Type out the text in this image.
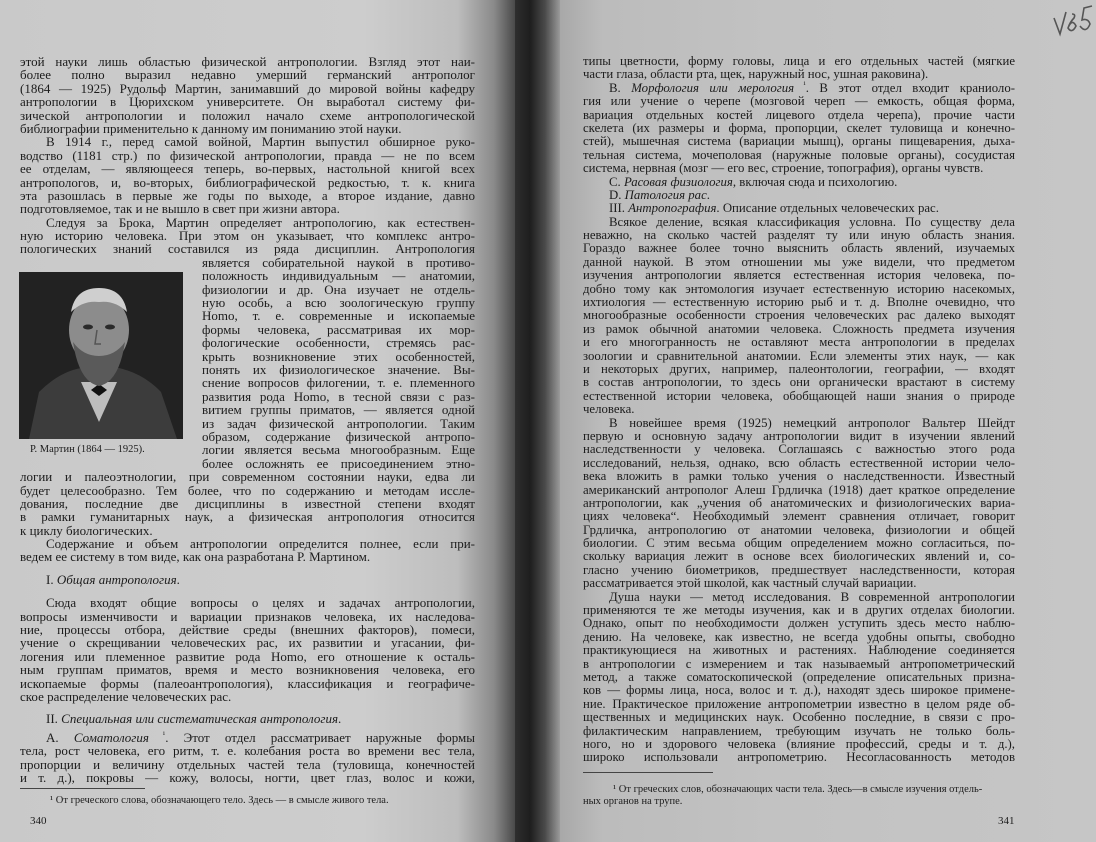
этой науки лишь областью физической антропологии. Взгляд этот наи-
более полно выразил недавно умерший германский антрополог
(1864 — 1925) Рудольф Мартин, занимавший до мировой войны кафедру
антропологии в Цюрихском университете. Он выработал систему фи-
зической антропологии и положил начало схеме антропологической
библиографии применительно к данному им пониманию этой науки.
В 1914 г., перед самой войной, Мартин выпустил обширное руко-
водство (1181 стр.) по физической антропологии, правда — не по всем
ее отделам, — являющееся теперь, во-первых, настольной книгой всех
антропологов, и, во-вторых, библиографической редкостью, т. к. книга
эта разошлась в первые же годы по выходе, а второе издание, давно
подготовляемое, так и не вышло в свет при жизни автора.
Следуя за Брока, Мартин определяет антропологию, как естествен-
ную историю человека. При этом он указывает, что комплекс антро-
пологических знаний составился из ряда дисциплин. Антропология
является собирательной наукой в противо-
положность индивидуальным — анатомии,
физиологии и др. Она изучает не отдель-
ную особь, а всю зоологическую группу
Homo, т. е. современные и ископаемые
формы человека, рассматривая их мор-
фологические особенности, стремясь рас-
крыть возникновение этих особенностей,
понять их физиологическое значение. Вы-
снение вопросов филогении, т. е. племенного
развития рода Homo, в тесной связи с раз-
витием группы приматов, — является одной
из задач физической антропологии. Таким
образом, содержание физической антропо-
логии является весьма многообразным. Еще
более осложнять ее присоединением этно-
логии и палеоэтнологии, при современном состоянии науки, едва ли
будет целесообразно. Тем более, что по содержанию и методам иссле-
дования, последние две дисциплины в известной степени входят
в рамки гуманитарных наук, а физическая антропология относится
к циклу биологических.
Содержание и объем антропологии определится полнее, если при-
ведем ее систему в том виде, как она разработана Р. Мартином.
I. Общая антропология.
Сюда входят общие вопросы о целях и задачах антропологии,
вопросы изменчивости и вариации признаков человека, их наследова-
ние, процессы отбора, действие среды (внешних факторов), помеси,
учение о скрещивании человеческих рас, их развитии и угасании, фи-
логения или племенное развитие рода Homo, его отношение к осталь-
ным группам приматов, время и место возникновения человека, его
ископаемые формы (палеоантропология), классификация и географиче-
ское распределение человеческих рас.
II. Специальная или систематическая антропология.
А. Соматология $^{^1}$. Этот отдел рассматривает наружные формы
тела, рост человека, его ритм, т. е. колебания роста во времени вес тела,
пропорции и величину отдельных частей тела (туловища, конечностей
и т. д.), покровы — кожу, волосы, ногти, цвет глаз, волос и кожи,
Р. Мартин (1864 — 1925).
¹ От греческого слова, обозначающего тело. Здесь — в смысле живого тела.
340
типы цветности, форму головы, лица и его отдельных частей (мягкие
части глаза, области рта, щек, наружный нос, ушная раковина).
В. Морфология или мерология $^{^1}$. В этот отдел входит краниоло-
гия или учение о черепе (мозговой череп — емкость, общая форма,
вариация отдельных костей лицевого отдела черепа), прочие части
скелета (их размеры и форма, пропорции, скелет туловища и конечно-
стей), мышечная система (вариации мышц), органы пищеварения, дыха-
тельная система, мочеполовая (наружные половые органы), сосудистая
система, нервная (мозг — его вес, строение, топография), органы чувств.
С. Расовая физиология, включая сюда и психологию.
D. Патология рас.
III. Антропография. Описание отдельных человеческих рас.
Всякое деление, всякая классификация условна. По существу дела
неважно, на сколько частей разделят ту или иную область знания.
Гораздо важнее более точно выяснить область явлений, изучаемых
данной наукой. В этом отношении мы уже видели, что предметом
изучения антропологии является естественная история человека, по-
добно тому как энтомология изучает естественную историю насекомых,
ихтиология — естественную историю рыб и т. д. Вполне очевидно, что
многообразные особенности строения человеческих рас далеко выходят
из рамок обычной анатомии человека. Сложность предмета изучения
и его многогранность не оставляют места антропологии в пределах
зоологии и сравнительной анатомии. Если элементы этих наук, — как
и некоторых других, например, палеонтологии, географии, — входят
в состав антропологии, то здесь они органически врастают в систему
естественной истории человека, обобщающей наши знания о природе
человека.
В новейшее время (1925) немецкий антрополог Вальтер Шейдт
первую и основную задачу антропологии видит в изучении явлений
наследственности у человека. Соглашаясь с важностью этого рода
исследований, нельзя, однако, всю область естественной истории чело-
века вложить в рамки только учения о наследственности. Известный
американский антрополог Алеш Грдличка (1918) дает краткое определение
антропологии, как „учения об анатомических и физиологических вариа-
циях человека“. Необходимый элемент сравнения отличает, говорит
Грдличка, антропологию от анатомии человека, физиологии и общей
биологии. С этим весьма общим определением можно согласиться, по-
скольку вариация лежит в основе всех биологических явлений и, со-
гласно учению биометриков, предшествует наследственности, которая
рассматривается этой школой, как частный случай вариации.
Душа науки — метод исследования. В современной антропологии
применяются те же методы изучения, как и в других отделах биологии.
Однако, опыт по необходимости должен уступить здесь место наблю-
дению. На человеке, как известно, не всегда удобны опыты, свободно
практикующиеся на животных и растениях. Наблюдение соединяется
в антропологии с измерением и так называемый антропометрический
метод, а также соматоскопической (определение описательных призна-
ков — формы лица, носа, волос и т. д.), находят здесь широкое примене-
ние. Практическое приложение антропометрии известно в целом ряде об-
щественных и медицинских наук. Особенно последние, в связи с про-
филактическим направлением, требующим изучать не только боль-
ного, но и здорового человека (влияние профессий, среды и т. д.),
широко использовали антропометрию. Несогласованность методов
¹ От греческих слов, обозначающих части тела. Здесь—в смысле изучения отдель-
ных органов на трупе.
341
